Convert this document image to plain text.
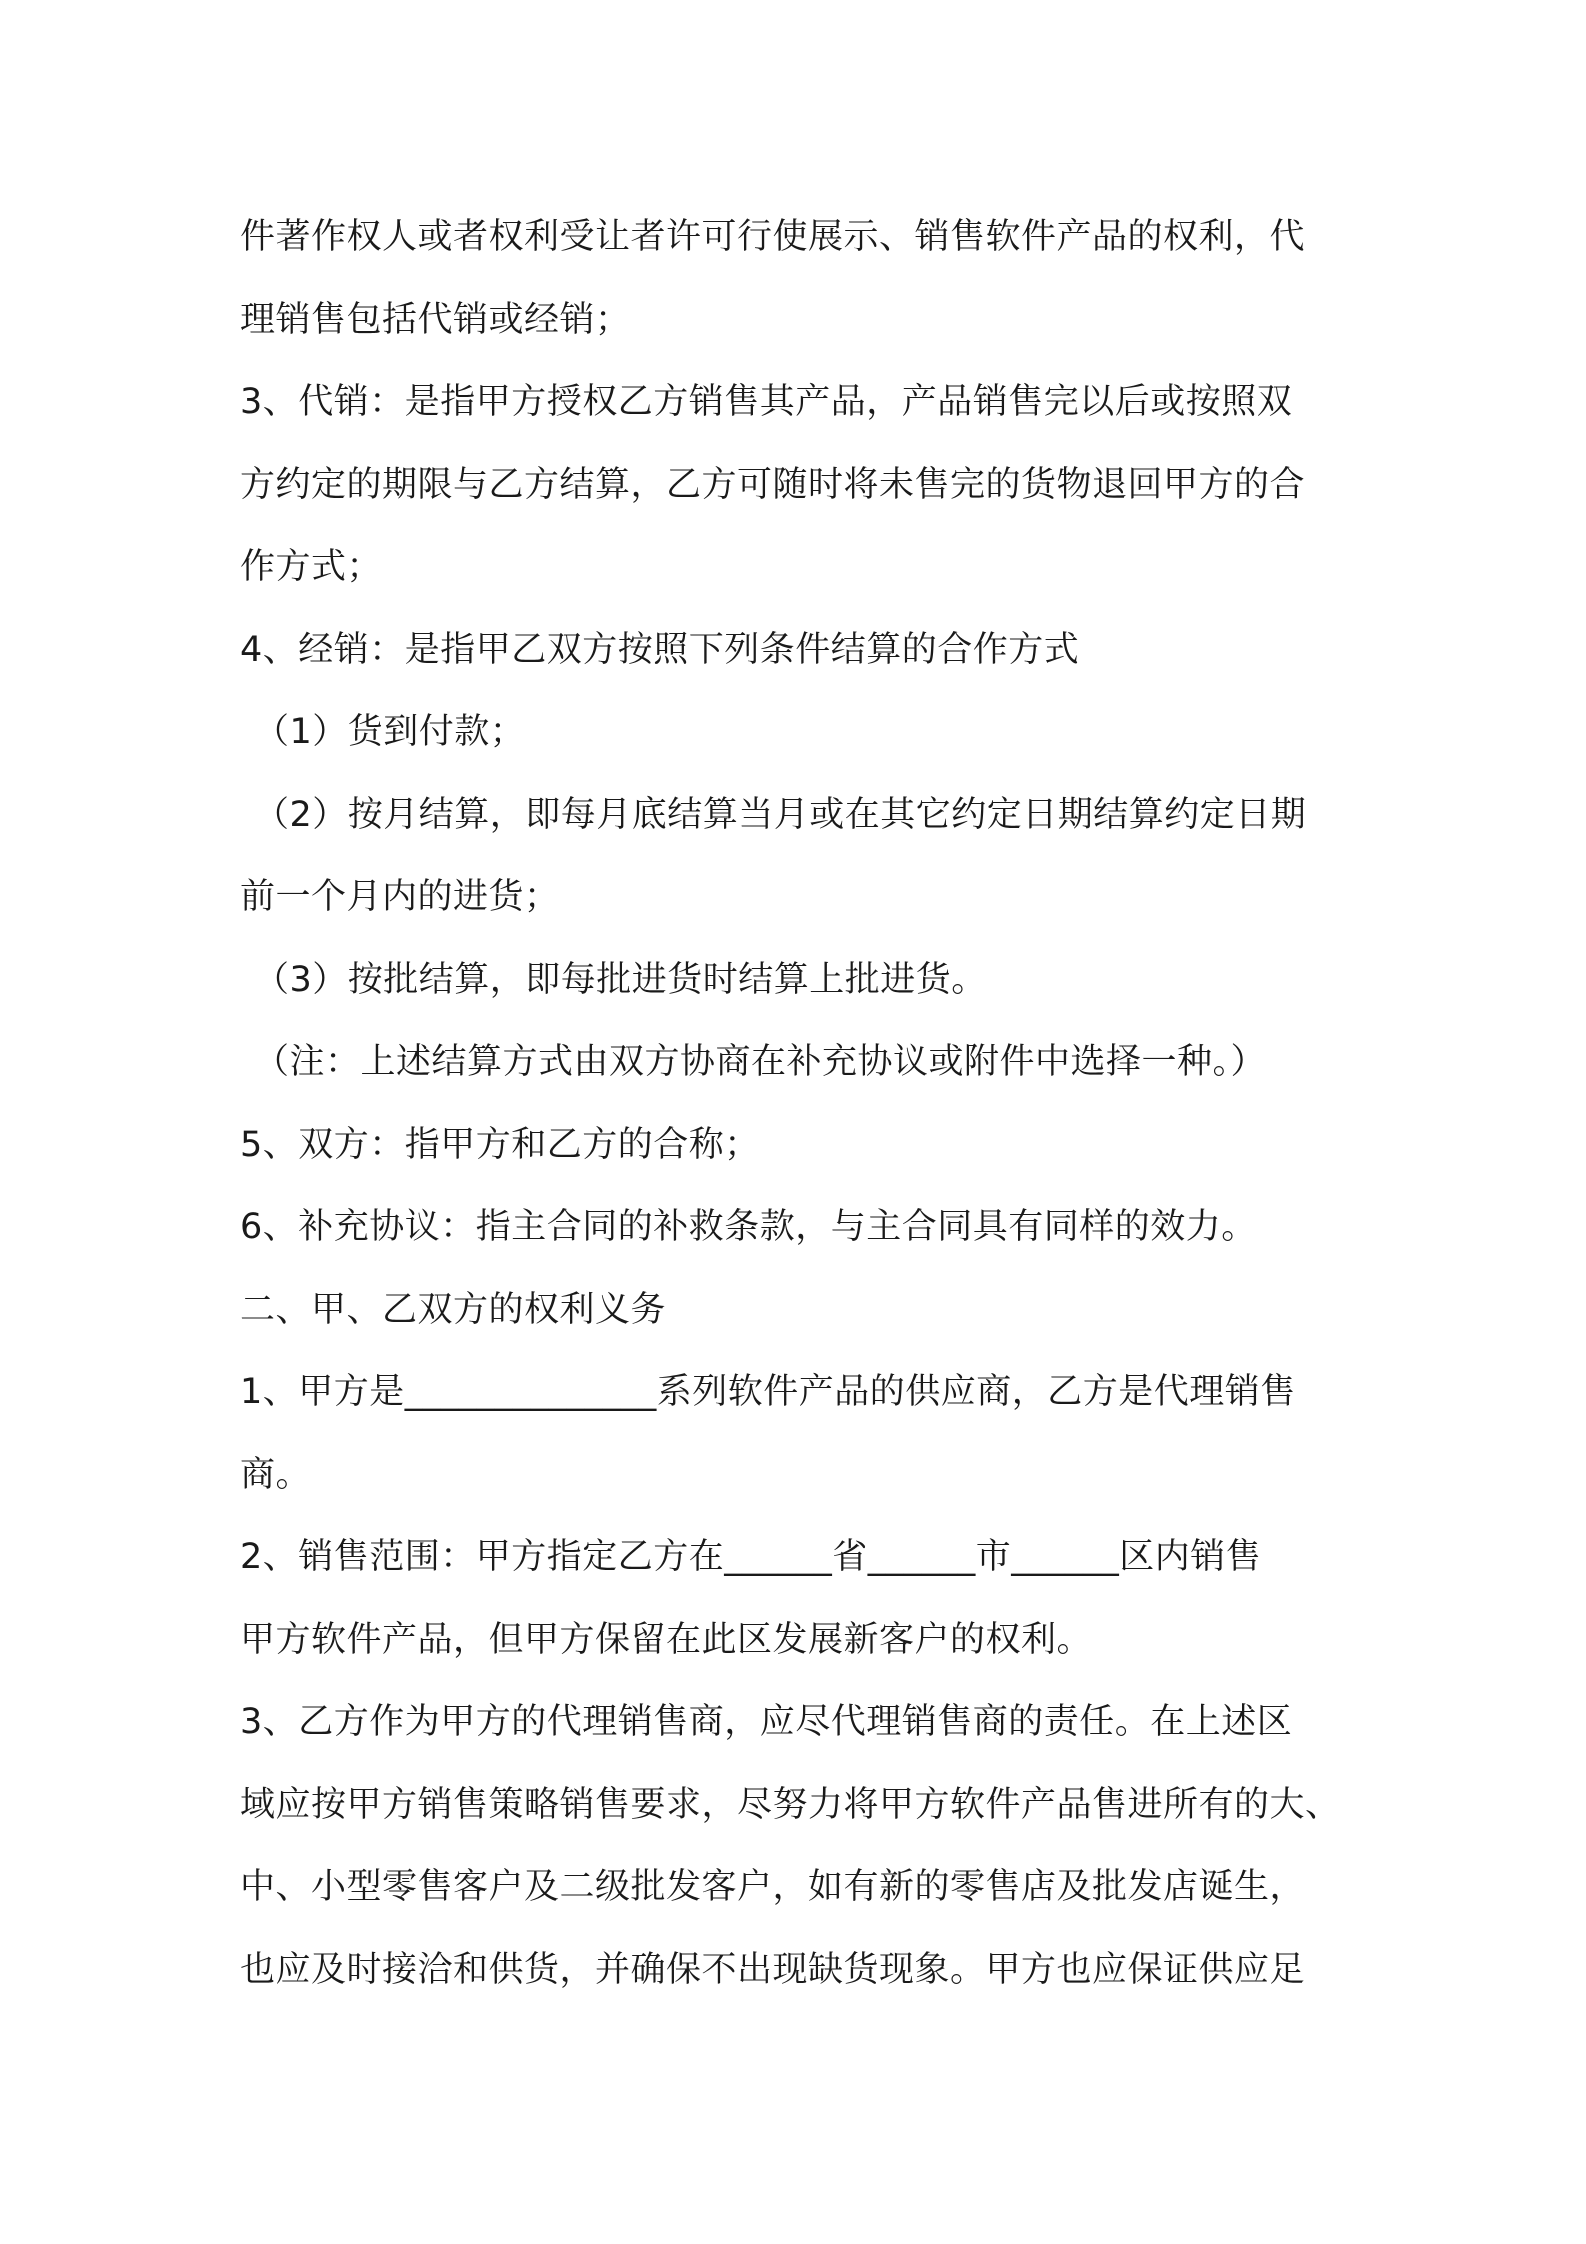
件著作权人或者权利受让者许可行使展示、销售软件产品的权利，代
理销售包括代销或经销；
3、代销：是指甲方授权乙方销售其产品，产品销售完以后或按照双
方约定的期限与乙方结算，乙方可随时将未售完的货物退回甲方的合
作方式；
4、经销：是指甲乙双方按照下列条件结算的合作方式
（1）货到付款；
（2）按月结算，即每月底结算当月或在其它约定日期结算约定日期
前一个月内的进货；
（3）按批结算，即每批进货时结算上批进货。
（注：上述结算方式由双方协商在补充协议或附件中选择一种。）
5、双方：指甲方和乙方的合称；
6、补充协议：指主合同的补救条款，与主合同具有同样的效力。
二、甲、乙双方的权利义务
1、甲方是______________系列软件产品的供应商，乙方是代理销售
商。
2、销售范围：甲方指定乙方在______省______市______区内销售
甲方软件产品，但甲方保留在此区发展新客户的权利。
3、乙方作为甲方的代理销售商，应尽代理销售商的责任。在上述区
域应按甲方销售策略销售要求，尽努力将甲方软件产品售进所有的大、
中、小型零售客户及二级批发客户，如有新的零售店及批发店诞生，
也应及时接洽和供货，并确保不出现缺货现象。甲方也应保证供应足
